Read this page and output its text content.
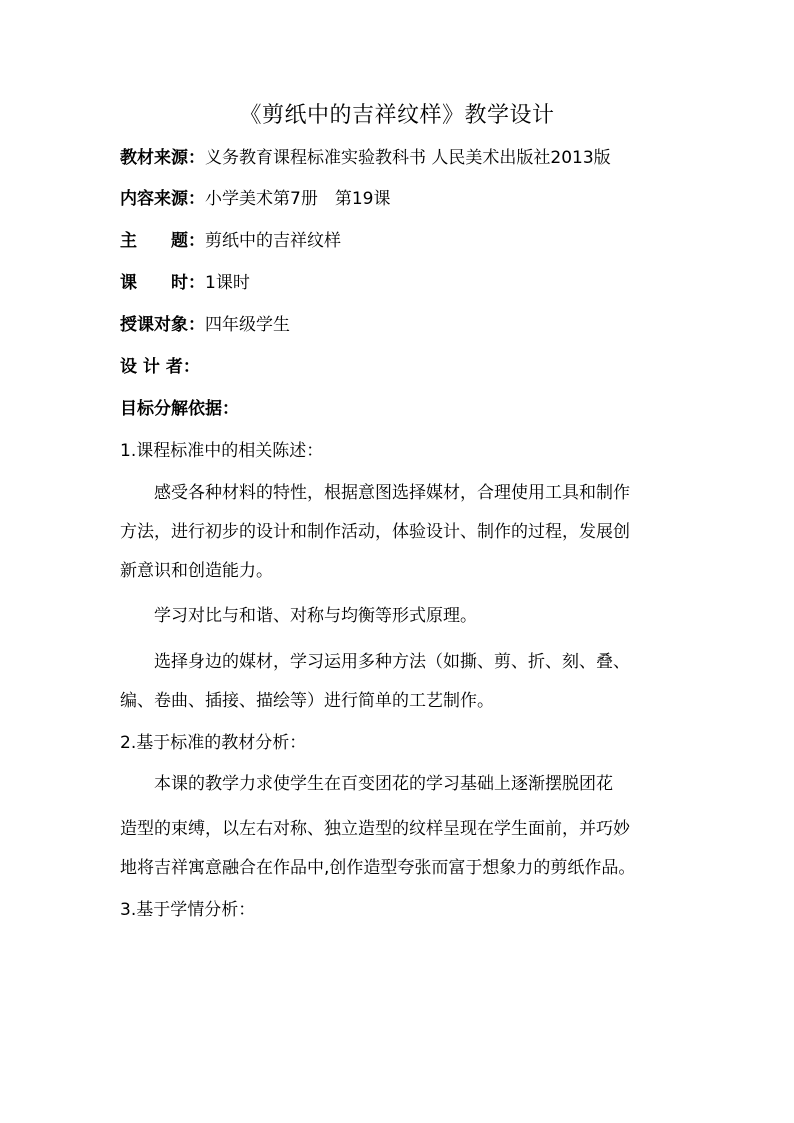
《剪纸中的吉祥纹样》教学设计
教材来源：义务教育课程标准实验教科书 人民美术出版社2013版
内容来源：小学美术第7册　第19课
主　　题：剪纸中的吉祥纹样
课　　时：1课时
授课对象：四年级学生
设 计 者：
目标分解依据：
1.课程标准中的相关陈述：
感受各种材料的特性，根据意图选择媒材，合理使用工具和制作
方法，进行初步的设计和制作活动，体验设计、制作的过程，发展创
新意识和创造能力。
学习对比与和谐、对称与均衡等形式原理。
选择身边的媒材，学习运用多种方法（如撕、剪、折、刻、叠、
编、卷曲、插接、描绘等）进行简单的工艺制作。
2.基于标准的教材分析：
本课的教学力求使学生在百变团花的学习基础上逐渐摆脱团花
造型的束缚，以左右对称、独立造型的纹样呈现在学生面前，并巧妙
地将吉祥寓意融合在作品中,创作造型夸张而富于想象力的剪纸作品。
3.基于学情分析：
